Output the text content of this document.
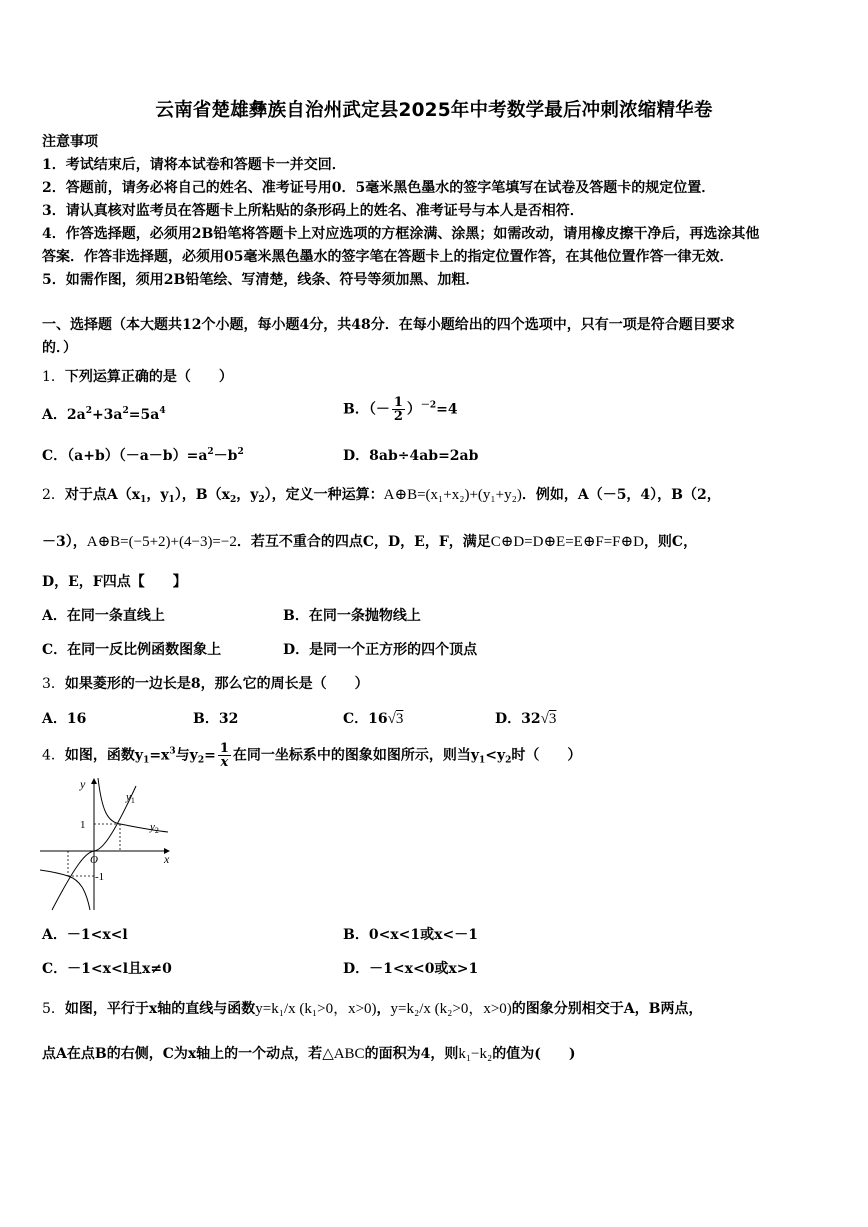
云南省楚雄彝族自治州武定县2025年中考数学最后冲刺浓缩精华卷
注意事项
1．考试结束后，请将本试卷和答题卡一并交回．
2．答题前，请务必将自己的姓名、准考证号用0．5毫米黑色墨水的签字笔填写在试卷及答题卡的规定位置．
3．请认真核对监考员在答题卡上所粘贴的条形码上的姓名、准考证号与本人是否相符．
4．作答选择题，必须用2B铅笔将答题卡上对应选项的方框涂满、涂黑；如需改动，请用橡皮擦干净后，再选涂其他
答案．作答非选择题，必须用05毫米黑色墨水的签字笔在答题卡上的指定位置作答，在其他位置作答一律无效．
5．如需作图，须用2B铅笔绘、写清楚，线条、符号等须加黑、加粗．
一、选择题（本大题共12个小题，每小题4分，共48分．在每小题给出的四个选项中，只有一项是符合题目要求
的．）
1．下列运算正确的是（　　）
A．$2a^2+3a^2=5a^4$	B．（－ $\frac{1}{2} )^{-2}=4$
C．$(a+b)(-a-b)=a^2-b^2$	D．8ab÷4ab=2ab
2．对于点$A(x_1$，$y_1$），$B(x_2$，$y_2$），定义一种运算：A⊕B=(x₁+x₂)+(y₁+y₂)．例如，A（－5，4），B（2，
－3），A⊕B=(−5+2)+(4−3)=−2．若互不重合的四点C，D，E，F，满足C⊕D=D⊕E=E⊕F=F⊕D，则C，
D，E，F四点【　　】
A．在同一条直线上	B．在同一条抛物线上
C．在同一反比例函数图象上	D．是同一个正方形的四个顶点
3．如果菱形的一边长是8，那么它的周长是（　　）
A．16	B．32	C．16√3	D．32√3
4．如图，函数$y_1=x^3$与$y_2= \frac{1}{x}$ 在同一坐标系中的图象如图所示，则当$y_1<y_2$时（　　）
y
$y_1$
$y_2$
1
-1
O	x
A．－1<x<l	B．0<x<1或x<－1
C．－1<x<l且x≠0	D．－1<x<0或x>1
5．如图，平行于x轴的直线与函数y=k₁/x (k₁>0，x>0)，y=k₂/x (k₂>0，x>0)的图象分别相交于A，B两点，
点A在点B的右侧，C为x轴上的一个动点，若△ABC的面积为4，则k₁−k₂的值为(　　)
